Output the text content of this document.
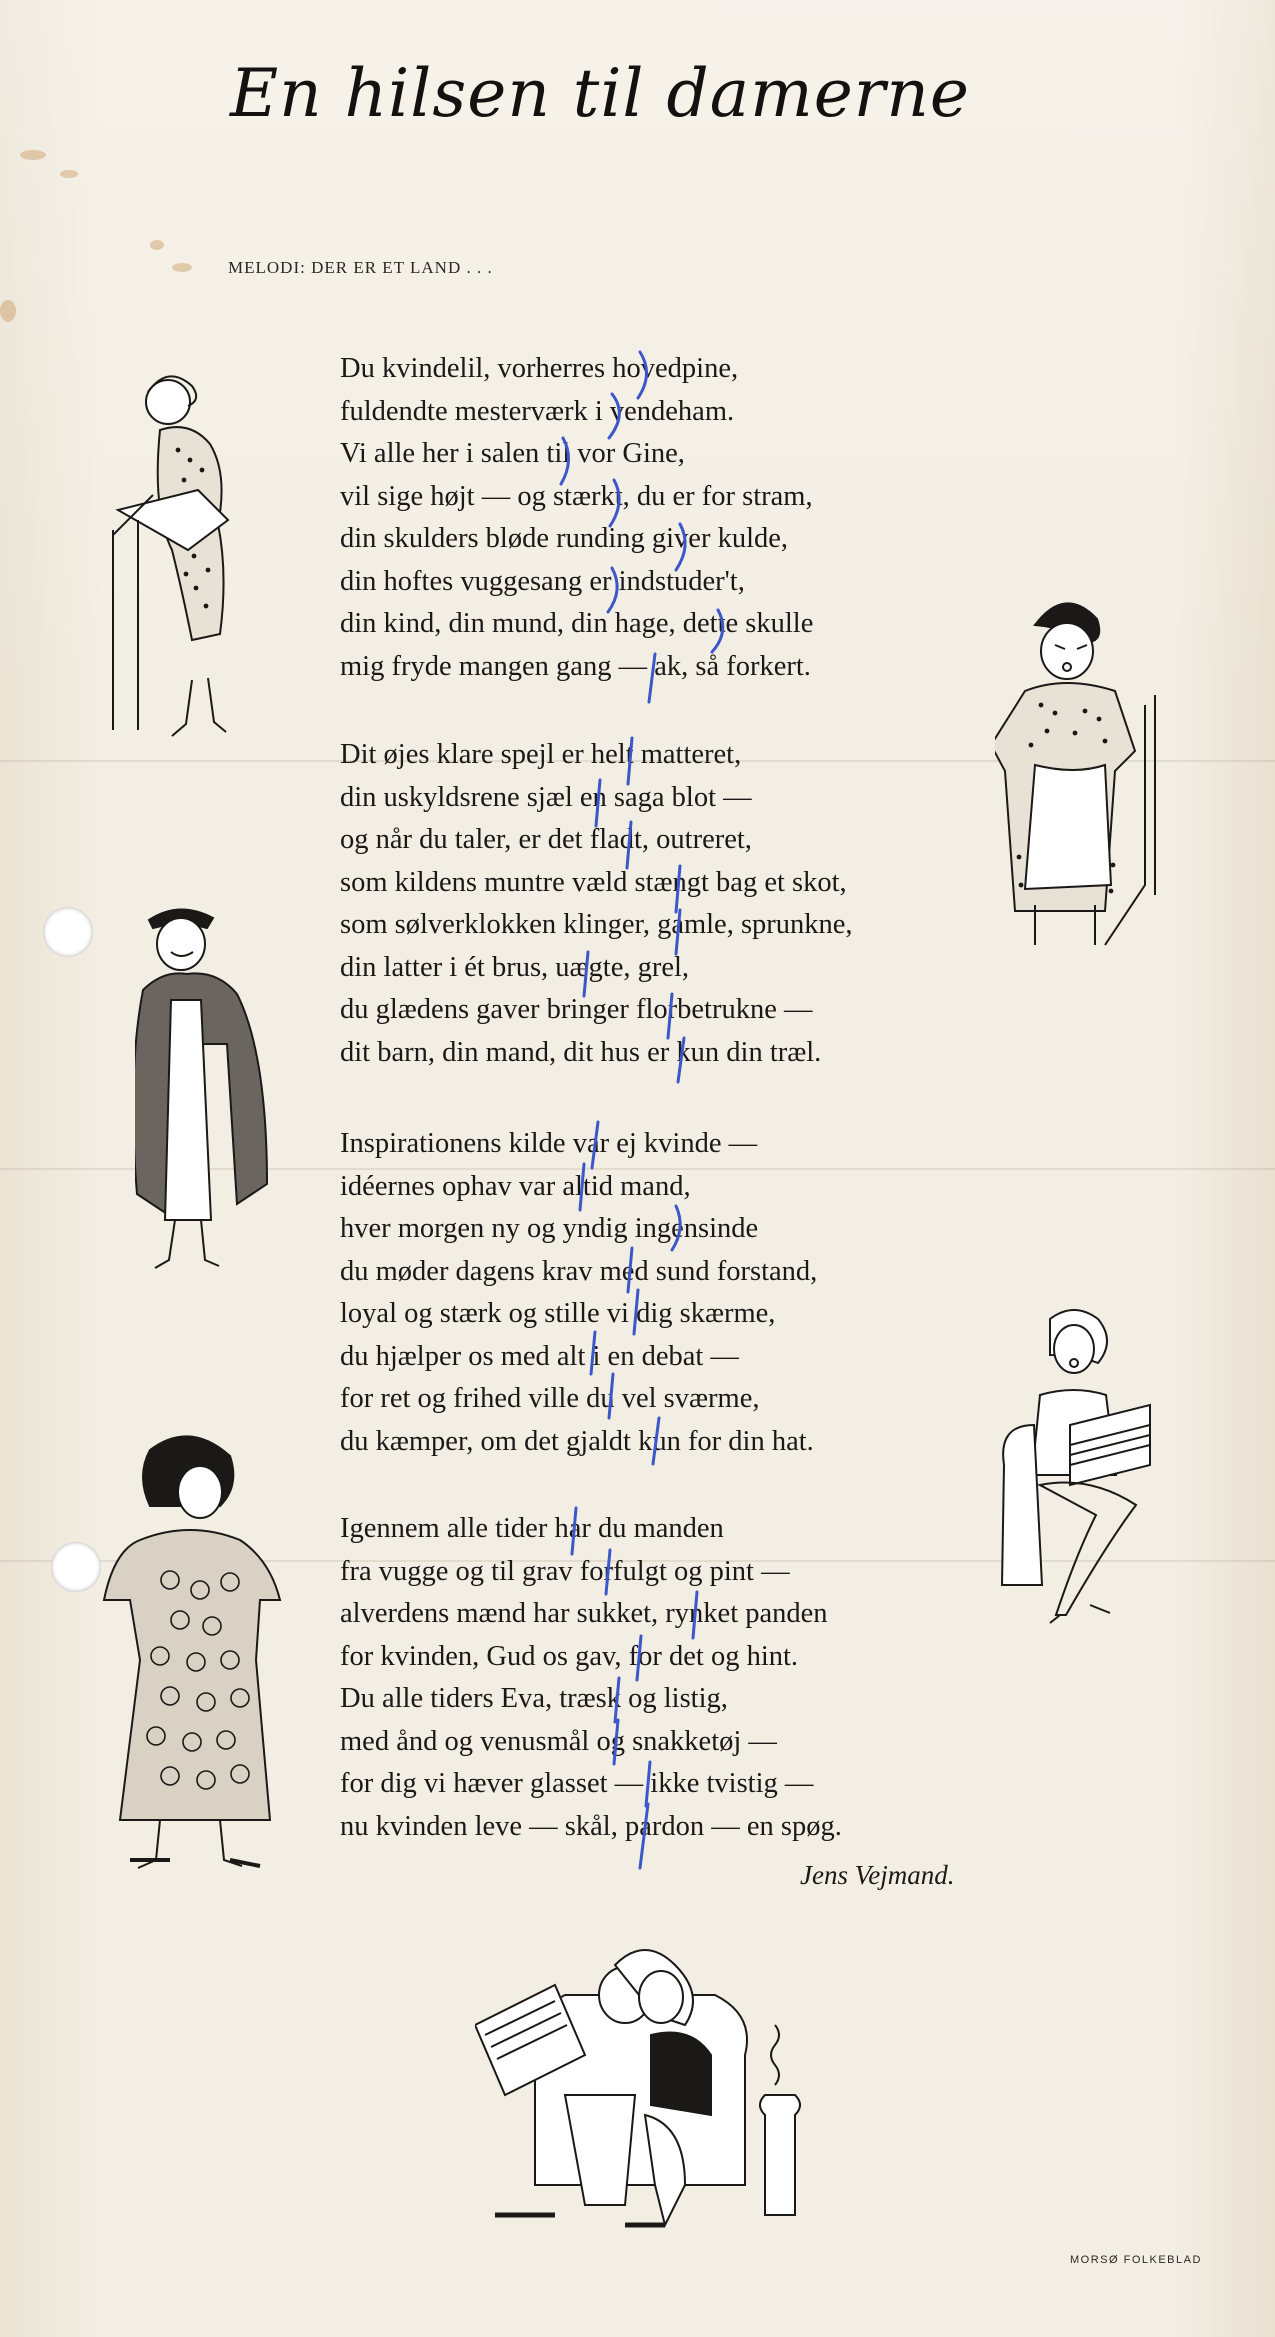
En hilsen til damerne
MELODI: DER ER ET LAND . . .
Du kvindelil, vorherres hovedpine,
fuldendte mesterværk i vendeham.
Vi alle her i salen til vor Gine,
vil sige højt — og stærkt, du er for stram,
din skulders bløde runding giver kulde,
din hoftes vuggesang er indstuder't,
din kind, din mund, din hage, dette skulle
mig fryde mangen gang — ak, så forkert.
Dit øjes klare spejl er helt matteret,
din uskyldsrene sjæl en saga blot —
og når du taler, er det fladt, outreret,
som kildens muntre væld stængt bag et skot,
som sølverklokken klinger, gamle, sprunkne,
din latter i ét brus, uægte, grel,
du glædens gaver bringer florbetrukne —
dit barn, din mand, dit hus er kun din træl.
Inspirationens kilde var ej kvinde —
idéernes ophav var altid mand,
hver morgen ny og yndig ingensinde
du møder dagens krav med sund forstand,
loyal og stærk og stille vi dig skærme,
du hjælper os med alt i en debat —
for ret og frihed ville du vel sværme,
du kæmper, om det gjaldt kun for din hat.
Igennem alle tider har du manden
fra vugge og til grav forfulgt og pint —
alverdens mænd har sukket, rynket panden
for kvinden, Gud os gav, for det og hint.
Du alle tiders Eva, træsk og listig,
med ånd og venusmål og snakketøj —
for dig vi hæver glasset — ikke tvistig —
nu kvinden leve — skål, pardon — en spøg.
Jens Vejmand.
MORSØ FOLKEBLAD
